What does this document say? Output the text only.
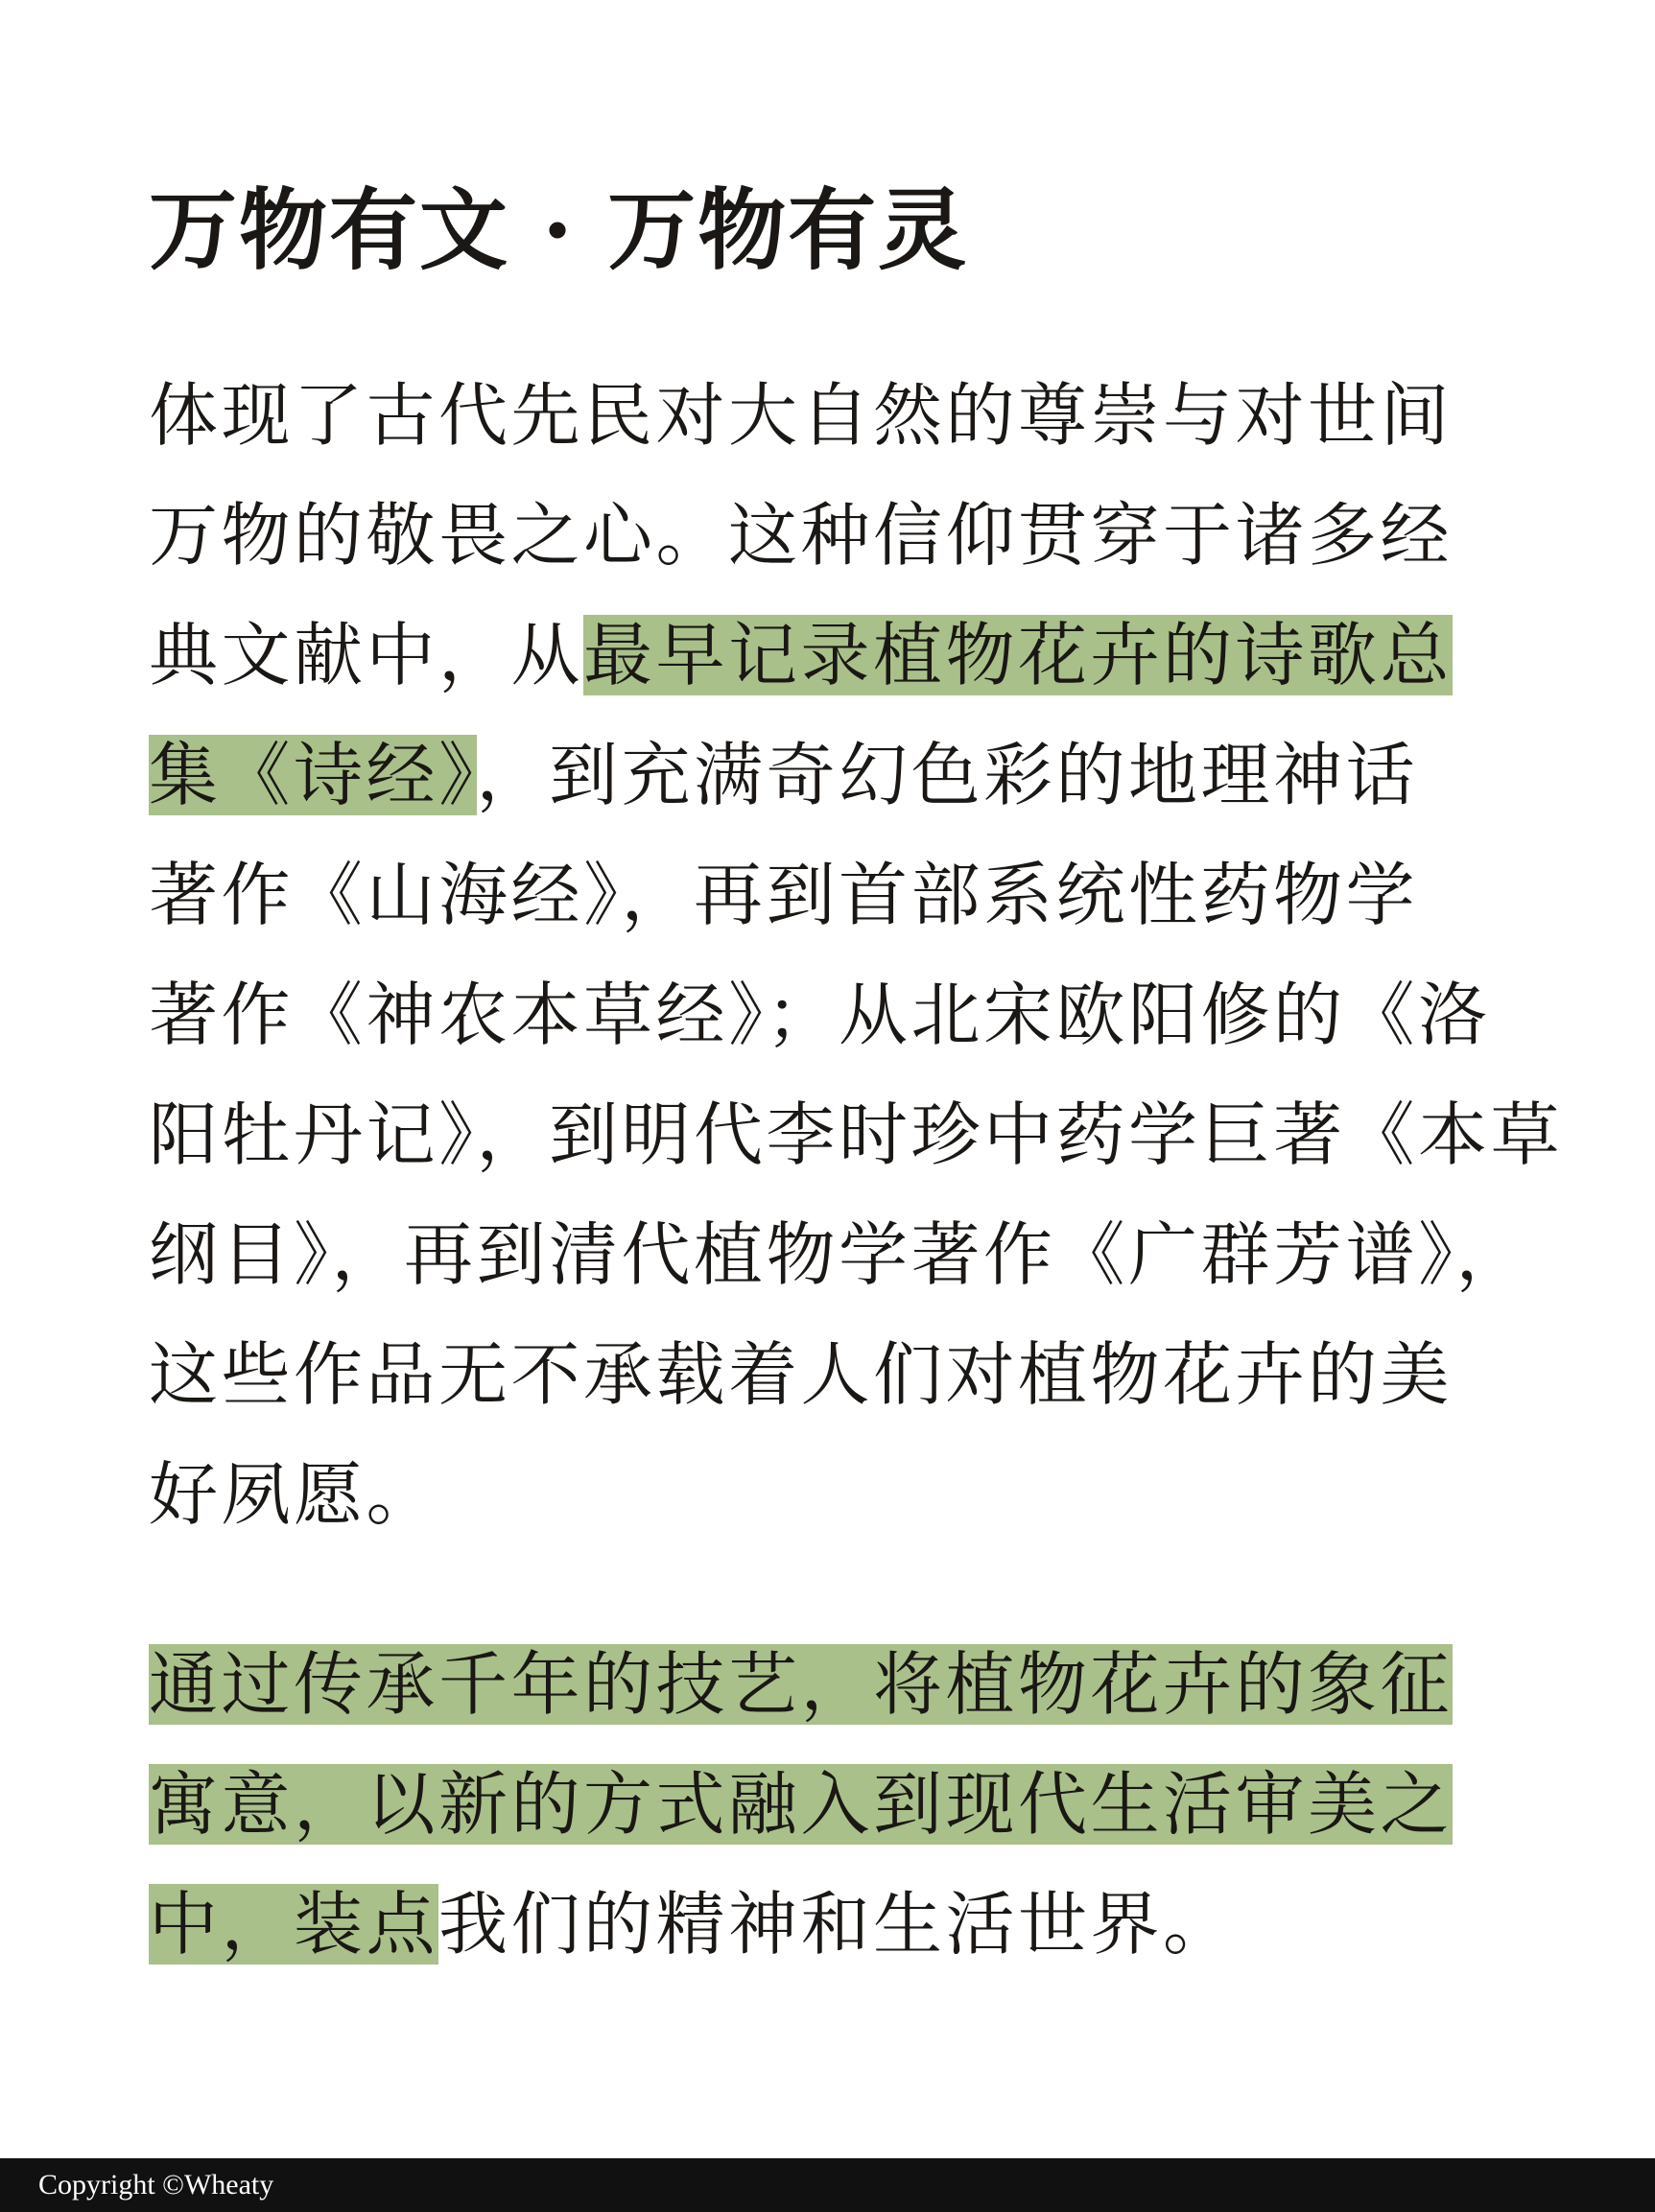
万物有文 · 万物有灵
体现了古代先民对大自然的尊崇与对世间
万物的敬畏之心。这种信仰贯穿于诸多经
典文献中，从最早记录植物花卉的诗歌总
集《诗经》，到充满奇幻色彩的地理神话
著作《山海经》，再到首部系统性药物学
著作《神农本草经》；从北宋欧阳修的《洛
阳牡丹记》，到明代李时珍中药学巨著《本草
纲目》，再到清代植物学著作《广群芳谱》，
这些作品无不承载着人们对植物花卉的美
好夙愿。
通过传承千年的技艺，将植物花卉的象征
寓意，以新的方式融入到现代生活审美之
中，装点我们的精神和生活世界。
Copyright ©Wheaty
